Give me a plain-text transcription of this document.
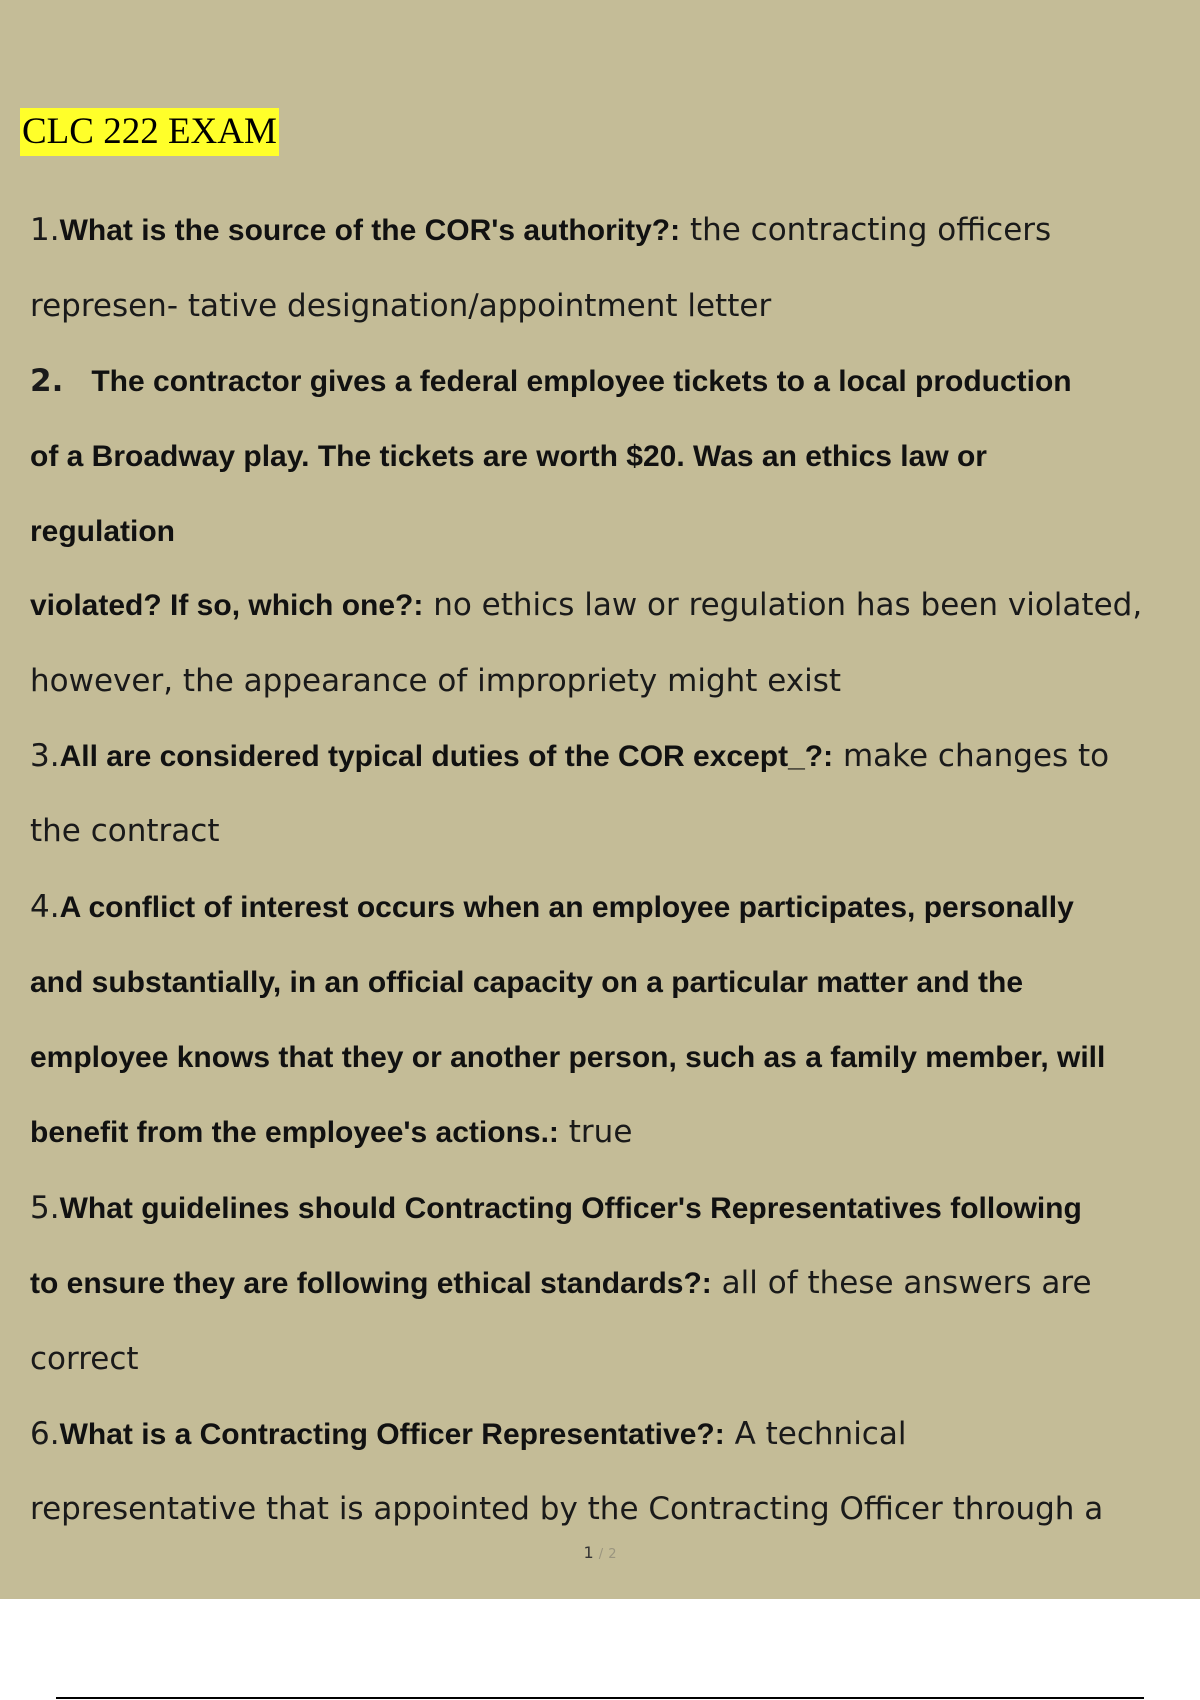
CLC 222 EXAM
1.What is the source of the COR's authority?: the contracting officers
represen- tative designation/appointment letter
2. The contractor gives a federal employee tickets to a local production
of a Broadway play. The tickets are worth $20. Was an ethics law or
regulation
violated? If so, which one?: no ethics law or regulation has been violated,
however, the appearance of impropriety might exist
3.All are considered typical duties of the COR except_?: make changes to
the contract
4.A conflict of interest occurs when an employee participates, personally
and substantially, in an official capacity on a particular matter and the
employee knows that they or another person, such as a family member, will
benefit from the employee's actions.: true
5.What guidelines should Contracting Officer's Representatives following
to ensure they are following ethical standards?: all of these answers are
correct
6.What is a Contracting Officer Representative?: A technical
representative that is appointed by the Contracting Officer through a
1 / 2
